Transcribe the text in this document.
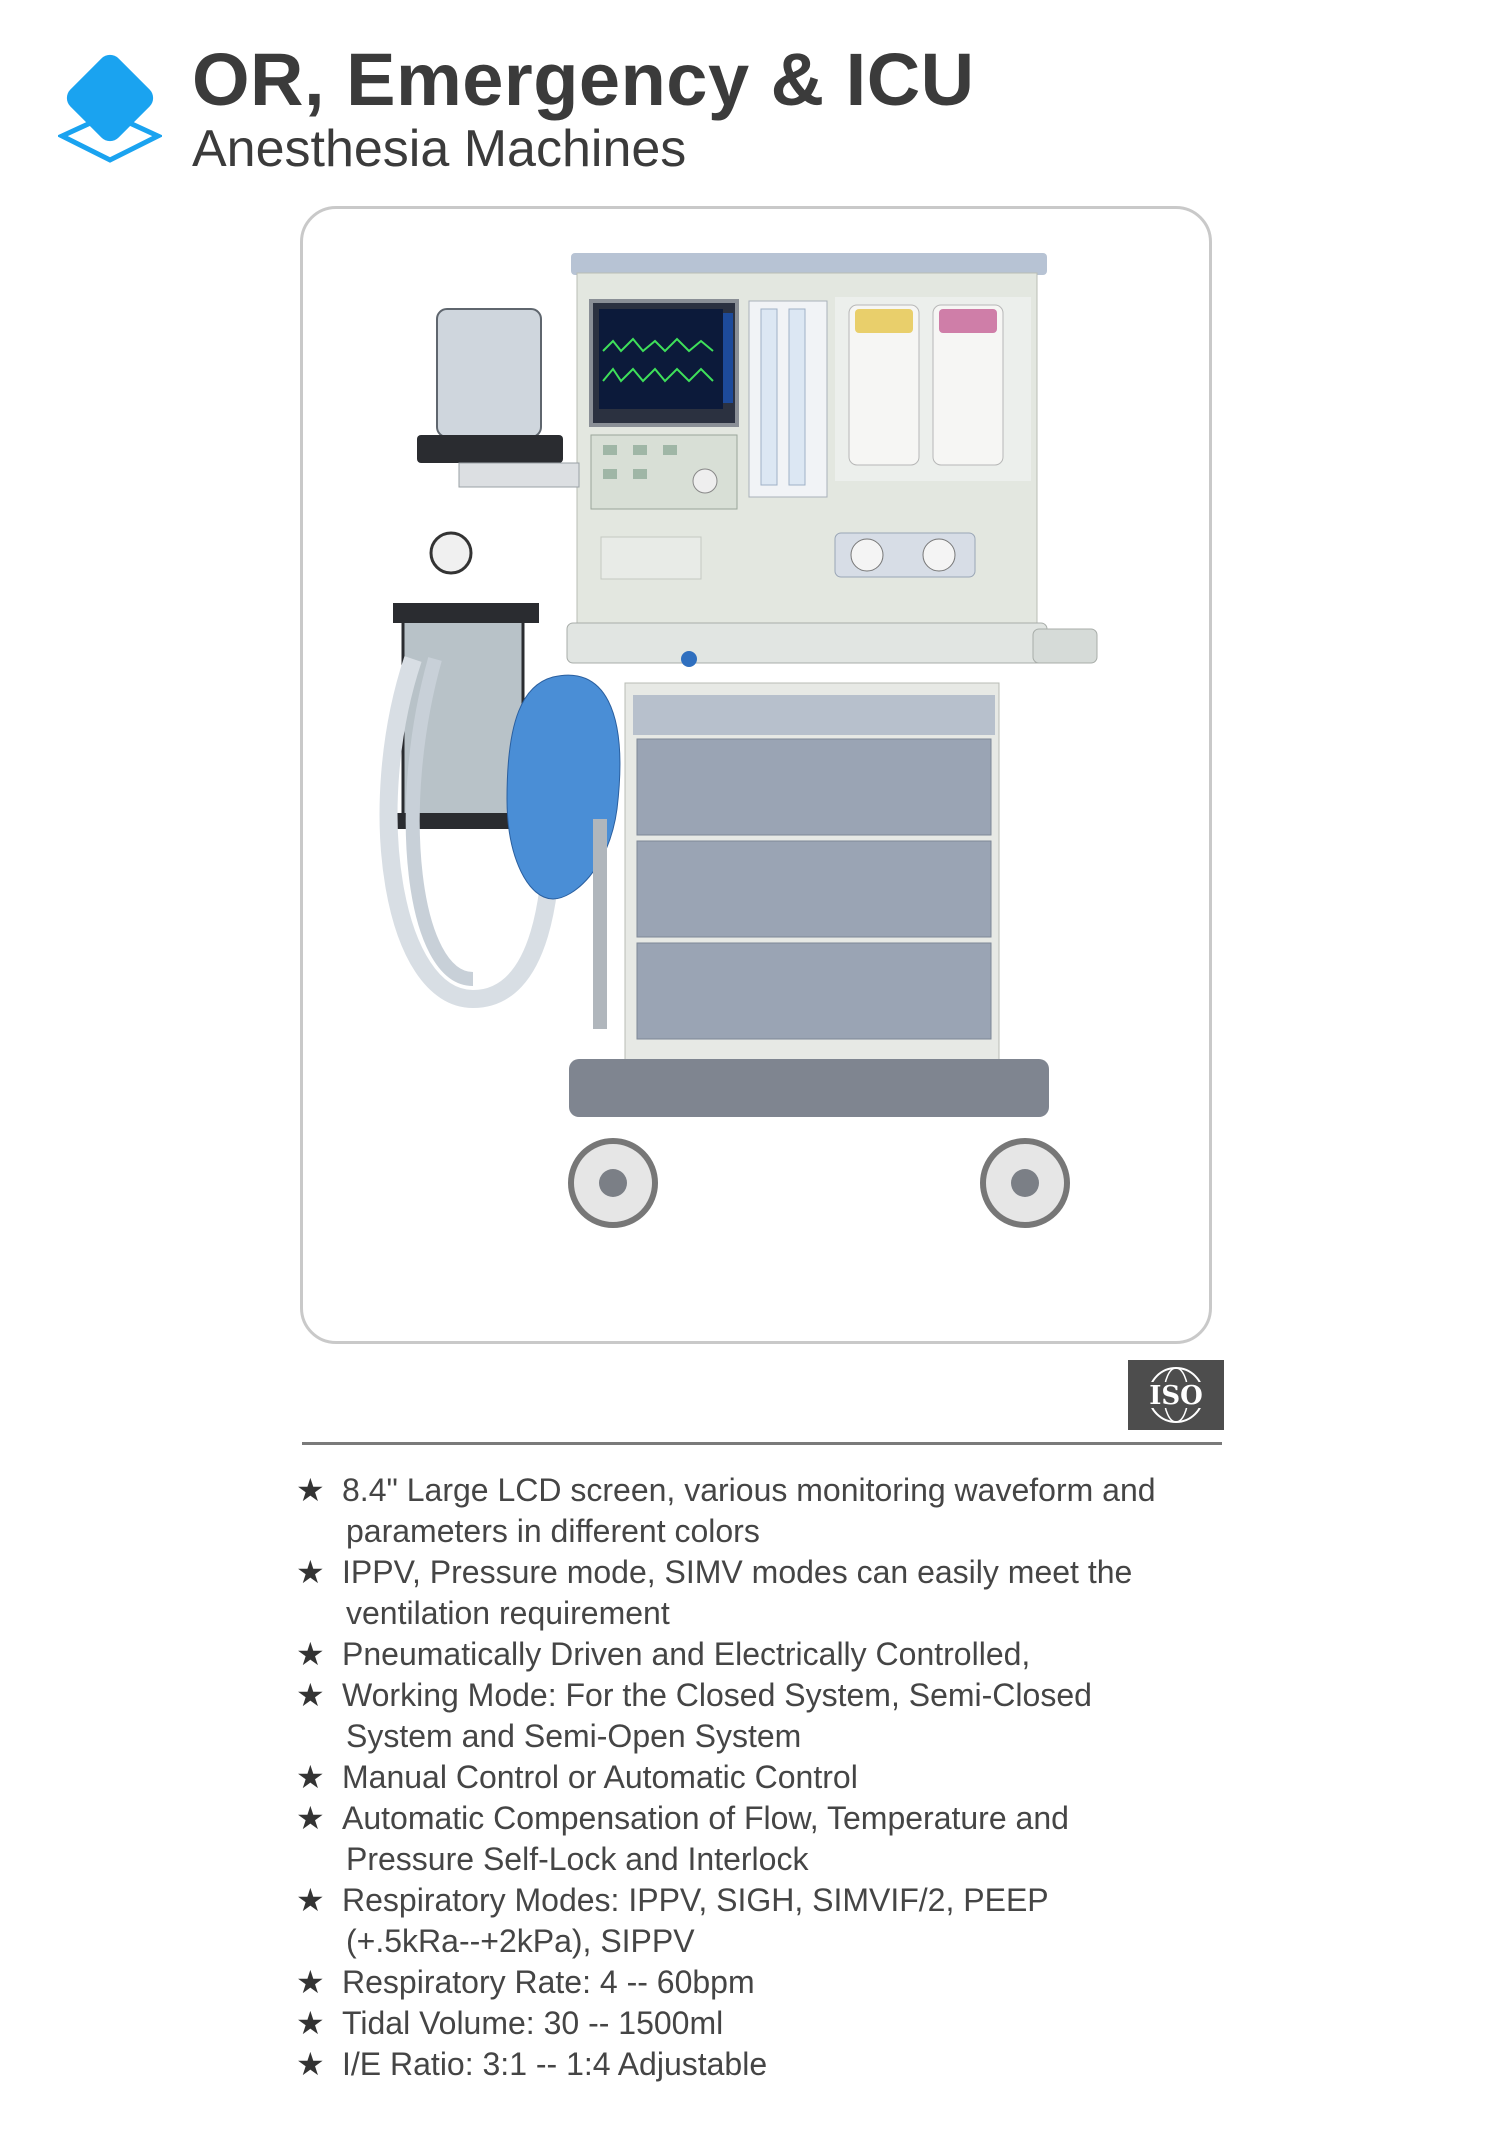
OR, Emergency & ICU
Anesthesia Machines
ISO
★ 8.4" Large LCD screen, various monitoring waveform and
parameters in different colors
★ IPPV, Pressure mode, SIMV modes can easily meet the
ventilation requirement
★ Pneumatically Driven and Electrically Controlled,
★ Working Mode: For the Closed System, Semi-Closed
System and Semi-Open System
★ Manual Control or Automatic Control
★ Automatic Compensation of Flow, Temperature and
Pressure Self-Lock and Interlock
★ Respiratory Modes: IPPV, SIGH, SIMVIF/2, PEEP
(+.5kRa--+2kPa), SIPPV
★ Respiratory Rate: 4 -- 60bpm
★ Tidal Volume: 30 -- 1500ml
★ I/E Ratio: 3:1 -- 1:4 Adjustable
